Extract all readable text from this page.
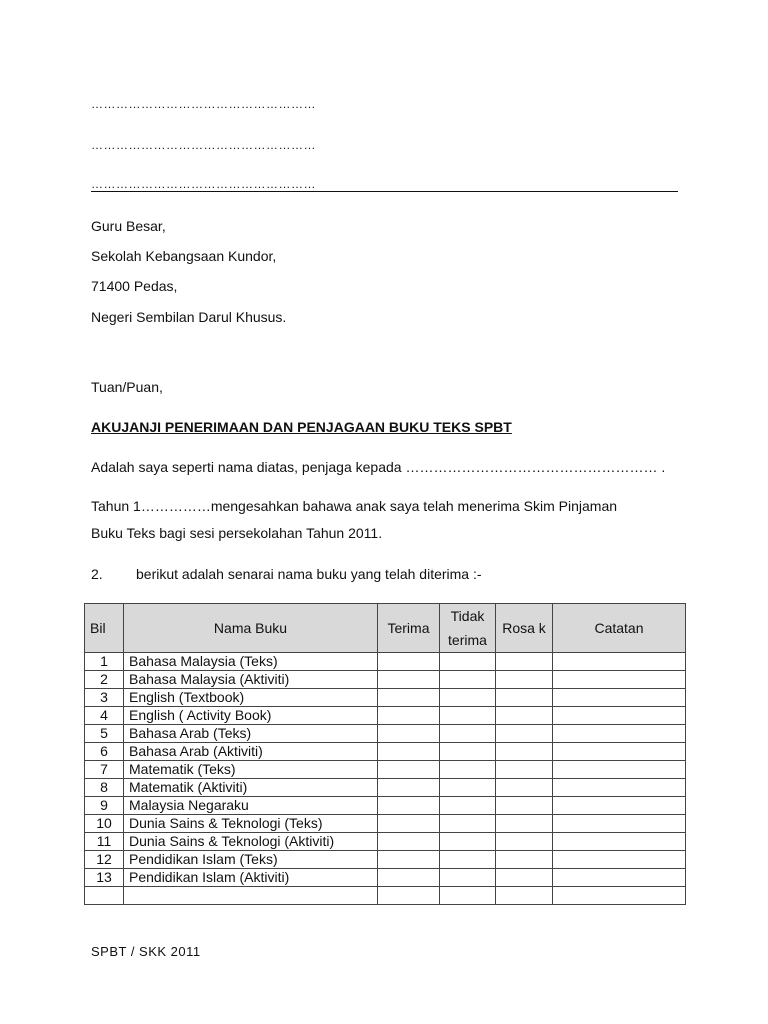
………………………………………………
………………………………………………
………………………………………………
Guru Besar,
Sekolah Kebangsaan Kundor,
71400 Pedas,
Negeri Sembilan Darul Khusus.
Tuan/Puan,
AKUJANJI PENERIMAAN DAN PENJAGAAN BUKU TEKS SPBT
Adalah saya seperti nama diatas, penjaga kepada ……………………………………………… .
Tahun 1……………mengesahkan bahawa anak saya telah menerima Skim Pinjaman
Buku Teks bagi sesi persekolahan Tahun 2011.
2. berikut adalah senarai nama buku yang telah diterima :-
Bil	Nama Buku	Terima	Tidak terima	Rosa k	Catatan
1	Bahasa Malaysia (Teks)				
2	Bahasa Malaysia (Aktiviti)				
3	English (Textbook)				
4	English ( Activity Book)				
5	Bahasa Arab (Teks)				
6	Bahasa Arab (Aktiviti)				
7	Matematik (Teks)				
8	Matematik (Aktiviti)				
9	Malaysia Negaraku				
10	Dunia Sains & Teknologi (Teks)				
11	Dunia Sains & Teknologi (Aktiviti)				
12	Pendidikan Islam (Teks)				
13	Pendidikan Islam (Aktiviti)				

SPBT / SKK 2011
